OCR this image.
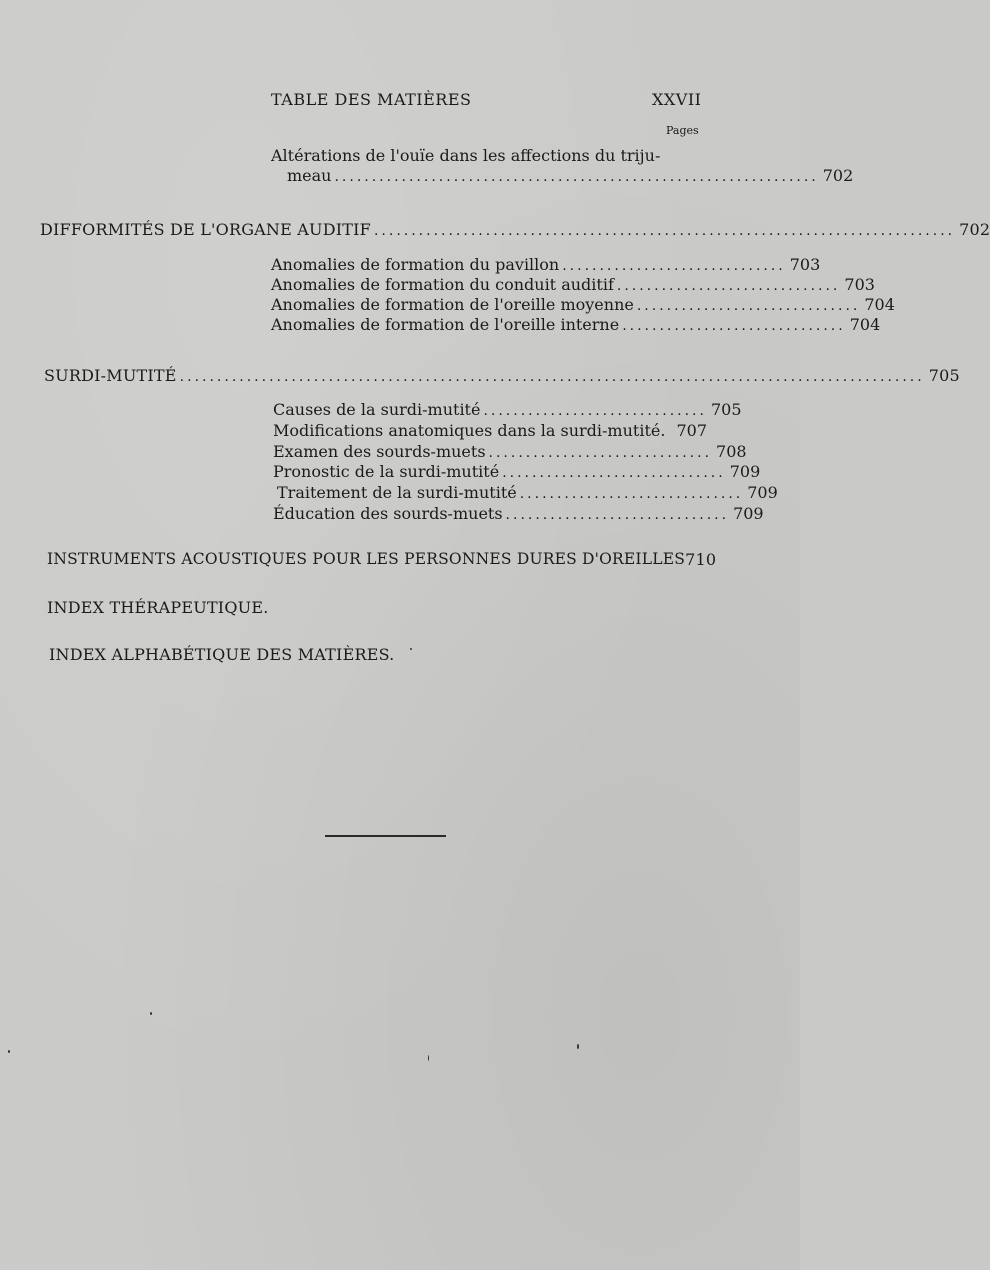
TABLE DES MATIÈRES	XXVII
Pages
Altérations de l'ouïe dans les affections du triju-
meau ................................................................. 702
DIFFORMITÉS DE L'ORGANE AUDITIF .............................................................................. 702
Anomalies de formation du pavillon .............................. 703
Anomalies de formation du conduit auditif .............................. 703
Anomalies de formation de l'oreille moyenne .............................. 704
Anomalies de formation de l'oreille interne .............................. 704
SURDI-MUTITÉ .................................................................................................... 705
Causes de la surdi-mutité .............................. 705
Modifications anatomiques dans la surdi-mutité. 707
Examen des sourds-muets .............................. 708
Pronostic de la surdi-mutité .............................. 709
Traitement de la surdi-mutité .............................. 709
Éducation des sourds-muets .............................. 709
INSTRUMENTS ACOUSTIQUES POUR LES PERSONNES DURES D'OREILLES 710
INDEX THÉRAPEUTIQUE.
INDEX ALPHABÉTIQUE DES MATIÈRES.
